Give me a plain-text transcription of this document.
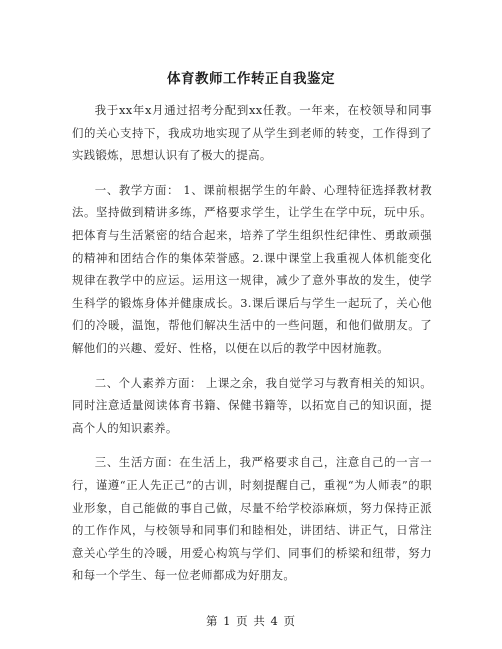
体育教师工作转正自我鉴定

我于xx年x月通过招考分配到xx任教。一年来，在校领导和同事们的关心支持下，我成功地实现了从学生到老师的转变，工作得到了实践锻炼，思想认识有了极大的提高。

一、教学方面： 1、课前根据学生的年龄、心理特征选择教材教法。坚持做到精讲多练，严格要求学生，让学生在学中玩，玩中乐。把体育与生活紧密的结合起来，培养了学生组织性纪律性、勇敢顽强的精神和团结合作的集体荣誉感。2.课中课堂上我重视人体机能变化规律在教学中的应运。运用这一规律，减少了意外事故的发生，使学生科学的锻炼身体并健康成长。3.课后课后与学生一起玩了，关心他们的冷暖，温饱，帮他们解决生活中的一些问题，和他们做朋友。了解他们的兴趣、爱好、性格，以便在以后的教学中因材施教。

二、个人素养方面： 上课之余，我自觉学习与教育相关的知识。同时注意适量阅读体育书籍、保健书籍等，以拓宽自己的知识面，提高个人的知识素养。

三、生活方面：在生活上，我严格要求自己，注意自己的一言一行，谨遵“正人先正己”的古训，时刻提醒自己，重视“为人师表”的职业形象，自己能做的事自己做，尽量不给学校添麻烦，努力保持正派的工作作风，与校领导和同事们和睦相处，讲团结、讲正气，日常注意关心学生的冷暖，用爱心构筑与学们、同事们的桥梁和纽带，努力和每一个学生、每一位老师都成为好朋友。

第 1 页 共 4 页
